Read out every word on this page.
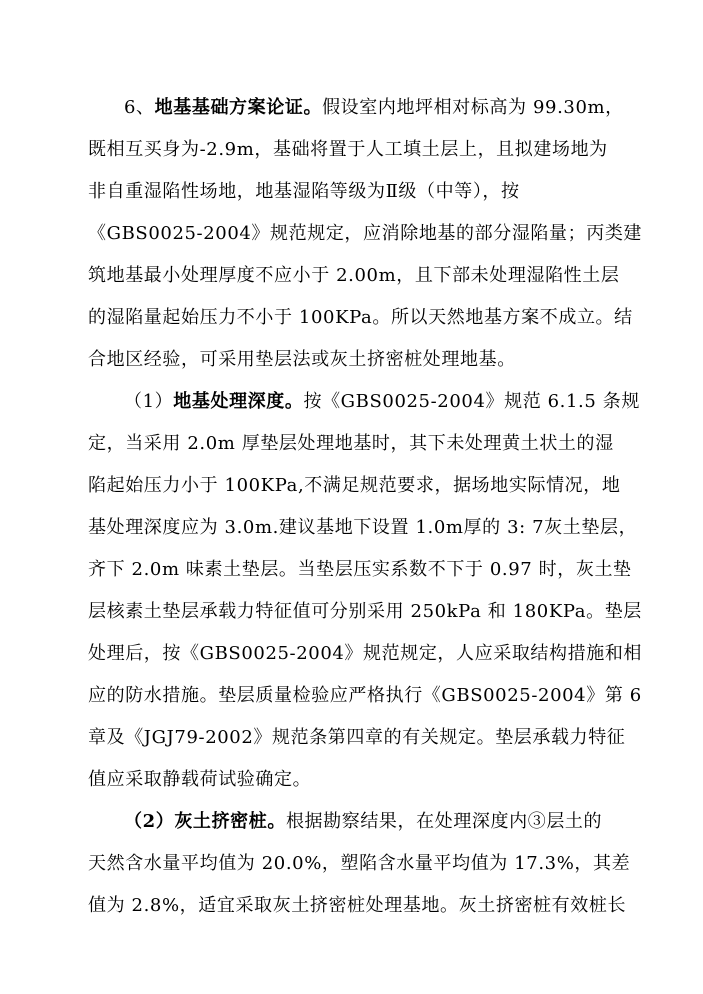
6、地基基础方案论证。假设室内地坪相对标高为 99.30m，
既相互买身为-2.9m，基础将置于人工填土层上，且拟建场地为
非自重湿陷性场地，地基湿陷等级为Ⅱ级（中等），按
《GBS0025-2004》规范规定，应消除地基的部分湿陷量；丙类建
筑地基最小处理厚度不应小于 2.00m，且下部未处理湿陷性土层
的湿陷量起始压力不小于 100KPa。所以天然地基方案不成立。结
合地区经验，可采用垫层法或灰土挤密桩处理地基。
（1）地基处理深度。按《GBS0025-2004》规范 6.1.5 条规
定，当采用 2.0m 厚垫层处理地基时，其下未处理黄土状土的湿
陷起始压力小于 100KPa,不满足规范要求，据场地实际情况，地
基处理深度应为 3.0m.建议基地下设置 1.0m厚的 3: 7灰土垫层，
齐下 2.0m 味素土垫层。当垫层压实系数不下于 0.97 时，灰土垫
层核素土垫层承载力特征值可分别采用 250kPa 和 180KPa。垫层
处理后，按《GBS0025-2004》规范规定，人应采取结构措施和相
应的防水措施。垫层质量检验应严格执行《GBS0025-2004》第 6
章及《JGJ79-2002》规范条第四章的有关规定。垫层承载力特征
值应采取静载荷试验确定。
（2）灰土挤密桩。根据勘察结果，在处理深度内③层土的
天然含水量平均值为 20.0%，塑陷含水量平均值为 17.3%，其差
值为 2.8%，适宜采取灰土挤密桩处理基地。灰土挤密桩有效桩长
